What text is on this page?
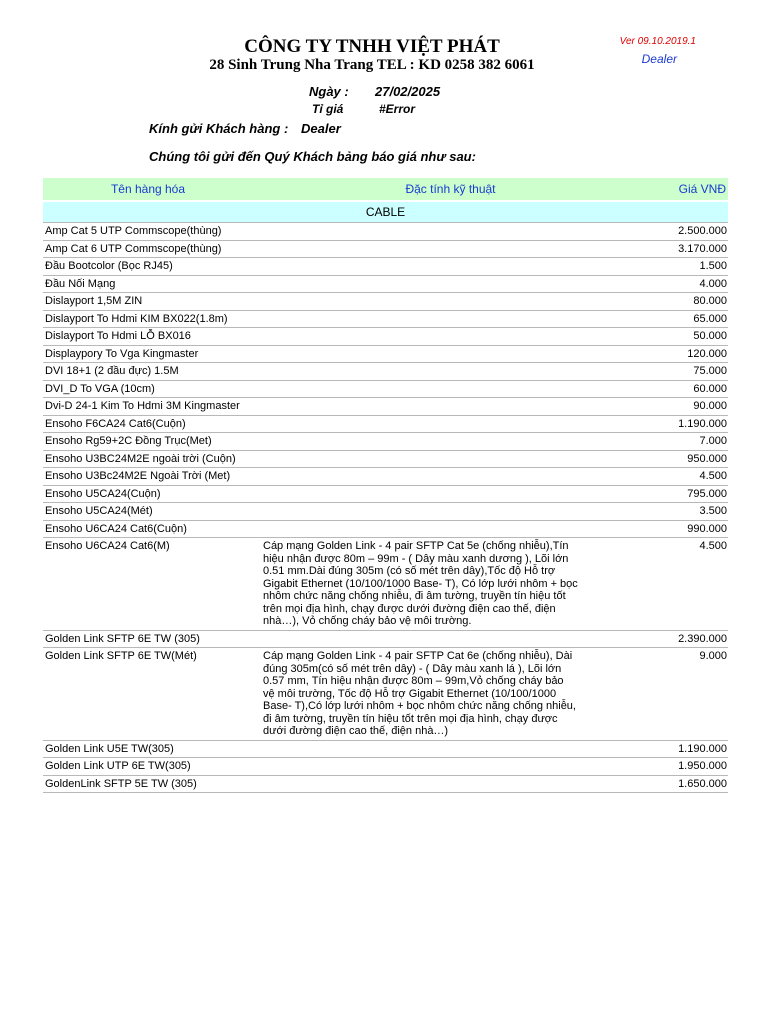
CÔNG TY TNHH VIỆT PHÁT
28 Sinh Trung Nha Trang TEL : KD 0258 382 6061
Ver 09.10.2019.1
Dealer
Ngày : 27/02/2025
Tỉ giá	#Error
Kính gửi Khách hàng : Dealer
Chúng tôi gửi đến Quý Khách bảng báo giá như sau:
Tên hàng hóa	Đặc tính kỹ thuật	Giá VNĐ
CABLE		
Amp Cat 5 UTP Commscope(thùng)		2.500.000
Amp Cat 6 UTP Commscope(thùng)		3.170.000
Đầu Bootcolor (Bọc RJ45)		1.500
Đầu Nối Mạng		4.000
Dislayport 1,5M ZIN		80.000
Dislayport To Hdmi KIM BX022(1.8m)		65.000
Dislayport To Hdmi LỖ BX016		50.000
Displaypory To Vga Kingmaster		120.000
DVI 18+1 (2 đầu đực) 1.5M		75.000
DVI_D To VGA (10cm)		60.000
Dvi-D 24-1 Kim To Hdmi 3M Kingmaster		90.000
Ensoho F6CA24 Cat6(Cuộn)		1.190.000
Ensoho Rg59+2C Đồng Trục(Met)		7.000
Ensoho U3BC24M2E ngoài trời (Cuộn)		950.000
Ensoho U3Bc24M2E Ngoài Trời (Met)		4.500
Ensoho U5CA24(Cuộn)		795.000
Ensoho U5CA24(Mét)		3.500
Ensoho U6CA24 Cat6(Cuộn)		990.000
Ensoho U6CA24 Cat6(M)	Cáp mạng Golden Link - 4 pair SFTP Cat 5e (chống nhiễu),Tín hiệu nhận được 80m – 99m - ( Dây màu xanh dương ), Lõi lớn 0.51 mm.Dài đúng 305m (có số mét trên dây),Tốc độ Hỗ trợ Gigabit Ethernet (10/100/1000 Base- T), Có lớp lưới nhôm + bọc nhôm chức năng chống nhiễu, đi âm tường, truyền tín hiệu tốt trên mọi địa hình, chạy được dưới đường điện cao thế, điện nhà…), Vỏ chống cháy bảo vệ môi trường.	4.500
Golden Link SFTP 6E TW (305)		2.390.000
Golden Link SFTP 6E TW(Mét)	Cáp mạng Golden Link - 4 pair SFTP Cat 6e (chống nhiễu), Dài đúng 305m(có số mét trên dây) - ( Dây màu xanh lá ), Lõi lớn 0.57 mm, Tín hiệu nhận được 80m – 99m,Vỏ chống cháy bảo vệ môi trường, Tốc độ Hỗ trợ Gigabit Ethernet (10/100/1000 Base- T),Có lớp lưới nhôm + bọc nhôm chức năng chống nhiễu, đi âm tường, truyền tín hiệu tốt trên mọi địa hình, chạy được dưới đường điện cao thế, điện nhà…)	9.000
Golden Link U5E TW(305)		1.190.000
Golden Link UTP 6E TW(305)		1.950.000
GoldenLink SFTP 5E TW (305)		1.650.000
